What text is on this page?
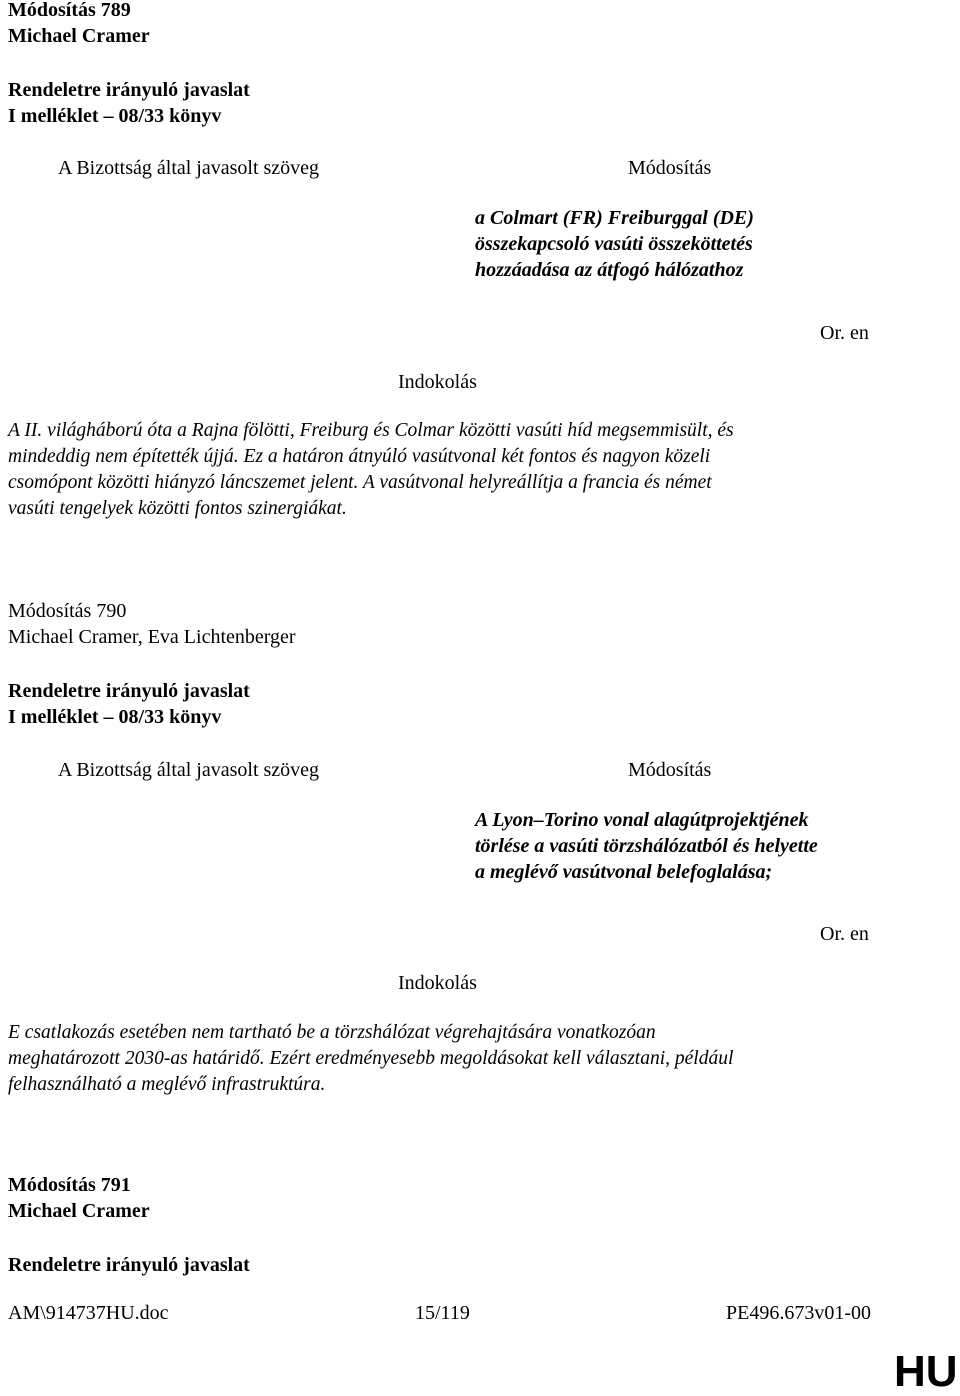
Módosítás 789
Michael Cramer
Rendeletre irányuló javaslat
I melléklet – 08/33 könyv
A Bizottság által javasolt szöveg	Módosítás
a Colmart (FR) Freiburggal (DE)
összekapcsoló vasúti összeköttetés
hozzáadása az átfogó hálózathoz
Or. en
Indokolás
A II. világháború óta a Rajna fölötti, Freiburg és Colmar közötti vasúti híd megsemmisült, és
mindeddig nem építették újjá. Ez a határon átnyúló vasútvonal két fontos és nagyon közeli
csomópont közötti hiányzó láncszemet jelent. A vasútvonal helyreállítja a francia és német
vasúti tengelyek közötti fontos szinergiákat.
Módosítás 790
Michael Cramer, Eva Lichtenberger
Rendeletre irányuló javaslat
I melléklet – 08/33 könyv
A Bizottság által javasolt szöveg	Módosítás
A Lyon–Torino vonal alagútprojektjének
törlése a vasúti törzshálózatból és helyette
a meglévő vasútvonal belefoglalása;
Or. en
Indokolás
E csatlakozás esetében nem tartható be a törzshálózat végrehajtására vonatkozóan
meghatározott 2030-as határidő. Ezért eredményesebb megoldásokat kell választani, például
felhasználható a meglévő infrastruktúra.
Módosítás 791
Michael Cramer
Rendeletre irányuló javaslat
AM\914737HU.doc	15/119	PE496.673v01-00
HU
